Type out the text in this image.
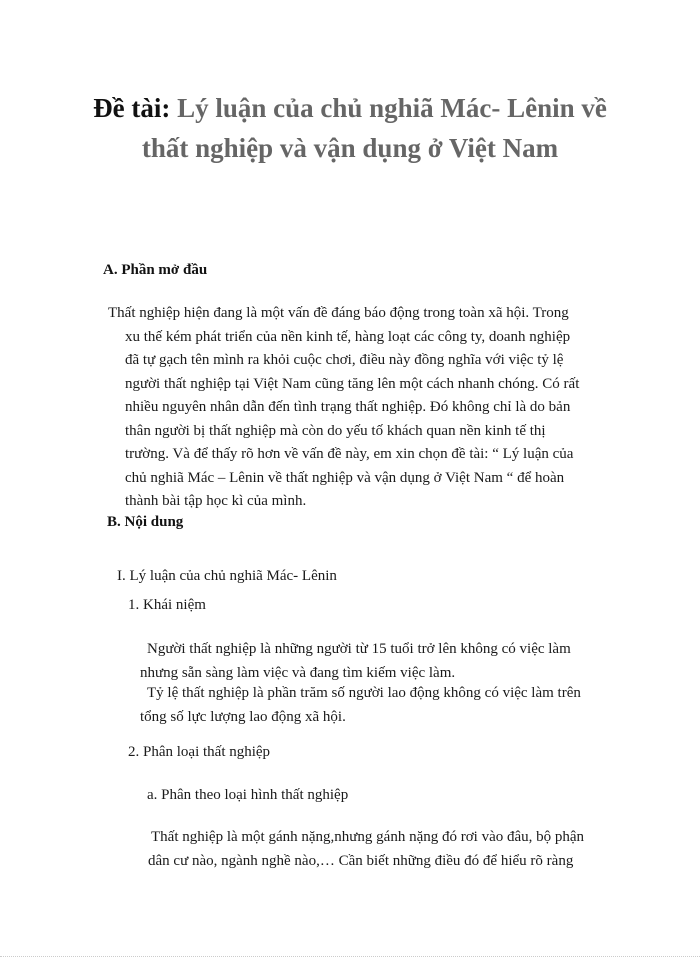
Đề tài: Lý luận của chủ nghiã Mác- Lênin về
thất nghiệp và vận dụng ở Việt Nam
A. Phần mở đầu
Thất nghiệp hiện đang là một vấn đề đáng báo động trong toàn xã hội. Trong
xu thế kém phát triển của nền kinh tế, hàng loạt các công ty, doanh nghiệp
đã tự gạch tên mình ra khỏi cuộc chơi, điều này đồng nghĩa với việc tỷ lệ
người thất nghiệp tại Việt Nam cũng tăng lên một cách nhanh chóng. Có rất
nhiều nguyên nhân dẫn đến tình trạng thất nghiệp. Đó không chỉ là do bản
thân người bị thất nghiệp mà còn do yếu tố khách quan nền kinh tế thị
trường. Và để thấy rõ hơn về vấn đề này, em xin chọn đề tài: “ Lý luận của
chủ nghiã Mác – Lênin về thất nghiệp và vận dụng ở Việt Nam “ để hoàn
thành bài tập học kì của mình.
B. Nội dung
I. Lý luận của chủ nghiã Mác- Lênin
1. Khái niệm
Người thất nghiệp là những người từ 15 tuổi trở lên không có việc làm
nhưng sẵn sàng làm việc và đang tìm kiếm việc làm.
Tỷ lệ thất nghiệp là phần trăm số người lao động không có việc làm trên
tổng số lực lượng lao động xã hội.
2. Phân loại thất nghiệp
a. Phân theo loại hình thất nghiệp
Thất nghiệp là một gánh nặng,nhưng gánh nặng đó rơi vào đâu, bộ phận
dân cư nào, ngành nghề nào,… Cần biết những điều đó để hiểu rõ ràng
